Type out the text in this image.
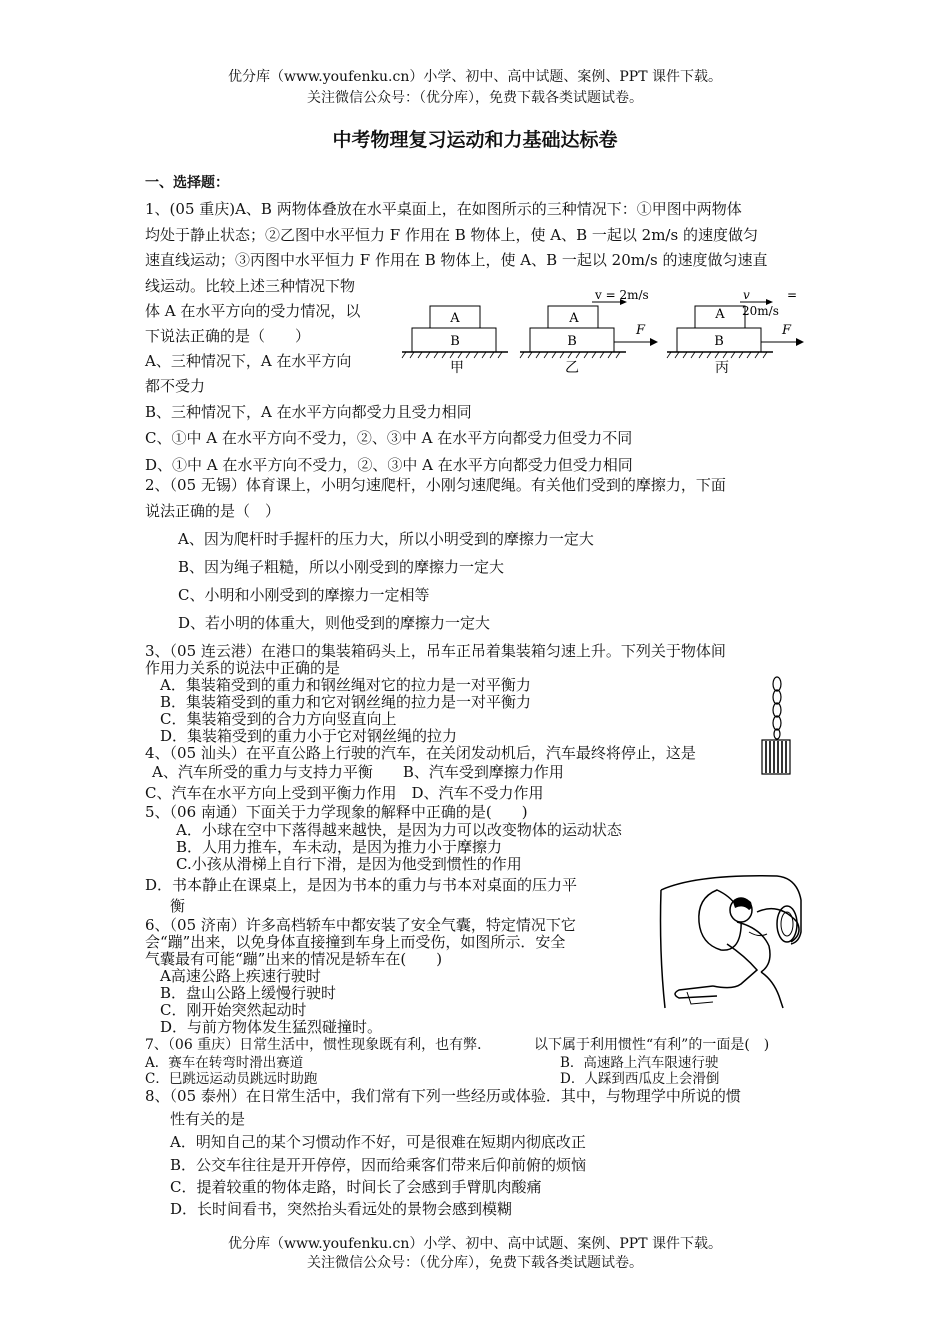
优分库（www.youfenku.cn）小学、初中、高中试题、案例、PPT 课件下载。
关注微信公众号：（优分库），免费下载各类试题试卷。
中考物理复习运动和力基础达标卷
一、选择题：
1、(05 重庆)A、B 两物体叠放在水平桌面上，在如图所示的三种情况下：①甲图中两物体
均处于静止状态；②乙图中水平恒力 F 作用在 B 物体上，使 A、B 一起以 2m/s 的速度做匀
速直线运动；③丙图中水平恒力 F 作用在 B 物体上，使 A、B 一起以 20m/s 的速度做匀速直
线运动。比较上述三种情况下物
体 A 在水平方向的受力情况，以
下说法正确的是（　　）
A、三种情况下，A 在水平方向
都不受力
B、三种情况下，A 在水平方向都受力且受力相同
C、①中 A 在水平方向不受力，②、③中 A 在水平方向都受力但受力不同
D、①中 A 在水平方向不受力，②、③中 A 在水平方向都受力但受力相同
A
B
甲
A
B
F
v = 2m/s
乙
A
B
F
v	=
20m/s
丙
2、（05 无锡）体育课上，小明匀速爬杆，小刚匀速爬绳。有关他们受到的摩擦力，下面
说法正确的是（　）
A、因为爬杆时手握杆的压力大，所以小明受到的摩擦力一定大
B、因为绳子粗糙，所以小刚受到的摩擦力一定大
C、小明和小刚受到的摩擦力一定相等
D、若小明的体重大，则他受到的摩擦力一定大
3、（05 连云港）在港口的集装箱码头上，吊车正吊着集装箱匀速上升。下列关于物体间
作用力关系的说法中正确的是
A．集装箱受到的重力和钢丝绳对它的拉力是一对平衡力
B．集装箱受到的重力和它对钢丝绳的拉力是一对平衡力
C．集装箱受到的合力方向竖直向上
D．集装箱受到的重力小于它对钢丝绳的拉力
4、（05 汕头）在平直公路上行驶的汽车，在关闭发动机后，汽车最终将停止，这是
A、汽车所受的重力与支持力平衡　　B、汽车受到摩擦力作用
C、汽车在水平方向上受到平衡力作用　D、汽车不受力作用
5、（06 南通）下面关于力学现象的解释中正确的是(　　)
A．小球在空中下落得越来越快，是因为力可以改变物体的运动状态
B．人用力推车，车未动，是因为推力小于摩擦力
C.小孩从滑梯上自行下滑，是因为他受到惯性的作用
D．书本静止在课桌上，是因为书本的重力与书本对桌面的压力平
衡
6、（05 济南）许多高档轿车中都安装了安全气囊，特定情况下它
会“蹦”出来，以免身体直接撞到车身上而受伤，如图所示．安全
气囊最有可能“蹦”出来的情况是轿车在(　　)
A高速公路上疾速行驶时
B．盘山公路上缓慢行驶时
C．刚开始突然起动时
D．与前方物体发生猛烈碰撞时。
7、（06 重庆）日常生活中，惯性现象既有利，也有弊．	以下属于利用惯性“有利”的一面是(　)
A．赛车在转弯时滑出赛道	B．高速路上汽车限速行驶
C．巳跳远运动员跳远时助跑	D．人踩到西瓜皮上会滑倒
8、（05 泰州）在日常生活中，我们常有下列一些经历或体验．其中，与物理学中所说的惯
性有关的是
A．明知自己的某个习惯动作不好，可是很难在短期内彻底改正
B．公交车往往是开开停停，因而给乘客们带来后仰前俯的烦恼
C．提着较重的物体走路，时间长了会感到手臂肌肉酸痛
D．长时间看书，突然抬头看远处的景物会感到模糊
优分库（www.youfenku.cn）小学、初中、高中试题、案例、PPT 课件下载。
关注微信公众号：（优分库），免费下载各类试题试卷。
